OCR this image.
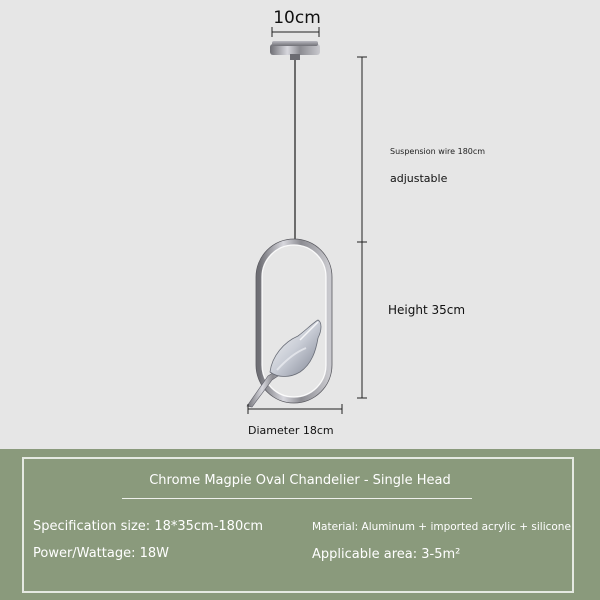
10cm
Suspension wire 180cm
adjustable
Height 35cm
Diameter 18cm
Chrome Magpie Oval Chandelier - Single Head
Specification size: 18*35cm-180cm
Power/Wattage: 18W
Material: Aluminum + imported acrylic + silicone
Applicable area: 3-5m²
